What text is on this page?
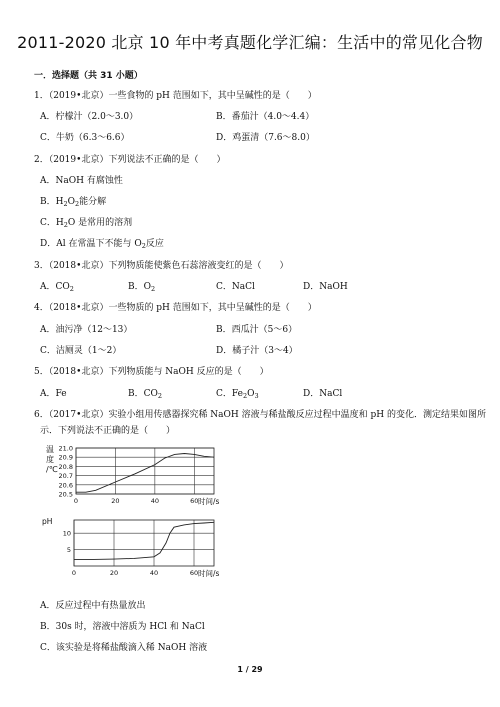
2011-2020 北京 10 年中考真题化学汇编：生活中的常见化合物
一．选择题（共 31 小题）
1．（2019•北京）一些食物的 pH 范围如下，其中呈碱性的是（　　）
A．柠檬汁（2.0～3.0）	B．番茄汁（4.0～4.4）
C．牛奶（6.3～6.6）	D．鸡蛋清（7.6～8.0）
2．（2019•北京）下列说法不正确的是（　　）
A．NaOH 有腐蚀性
B．$H_2O_2$能分解
C．$H_2O$ 是常用的溶剂
D．Al 在常温下不能与 $O_2$反应
3．（2018•北京）下列物质能使紫色石蕊溶液变红的是（　　）
A．$CO_2$	B．$O_2$	C．NaCl	D．NaOH
4．（2018•北京）一些物质的 pH 范围如下，其中呈碱性的是（　　）
A．油污净（12～13）	B．西瓜汁（5～6）
C．洁厕灵（1～2）	D．橘子汁（3～4）
5．（2018•北京）下列物质能与 NaOH 反应的是（　　）
A．Fe	B．$CO_2$	C．$Fe_2O_3$	D．NaCl
6．（2017•北京）实验小组用传感器探究稀 NaOH 溶液与稀盐酸反应过程中温度和 pH 的变化．测定结果如图所
示．下列说法不正确的是（　　）
20.5
20.6
20.7
20.8
20.9
21.0
0	20	40	60
温
度
/℃
时间/s
5
10
0	20	40	60
pH
时间/s
A．反应过程中有热量放出
B．30s 时，溶液中溶质为 HCl 和 NaCl
C．该实验是将稀盐酸滴入稀 NaOH 溶液
1 / 29
